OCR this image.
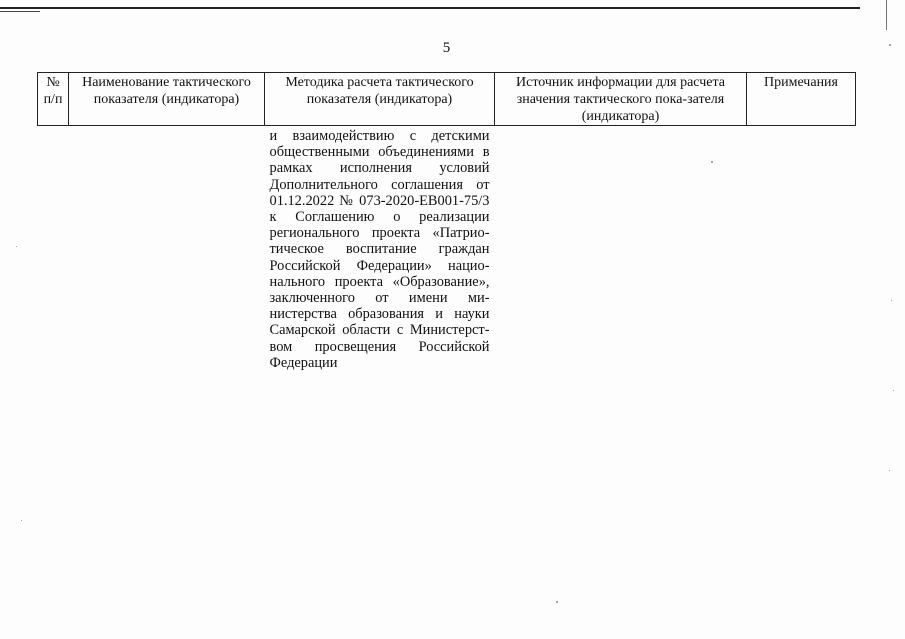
5
№ п/п	Наименование тактического показателя (индикатора)	Методика расчета тактического показателя (индикатора)	Источник информации для расчета значения тактического пока-зателя (индикатора)	Примечания

		и взаимодействию с детскими общественными объединениями в рамках исполнения условий Дополнительного соглашения от 01.12.2022 № 073-2020-ЕВ001-75/3 к Соглашению о реализации регионального проекта «Патрио-тическое воспитание граждан Российской Федерации» нацио-нального проекта «Образование», заключенного от имени ми-нистерства образования и науки Самарской области с Министерст-вом просвещения Российской Федерации		
